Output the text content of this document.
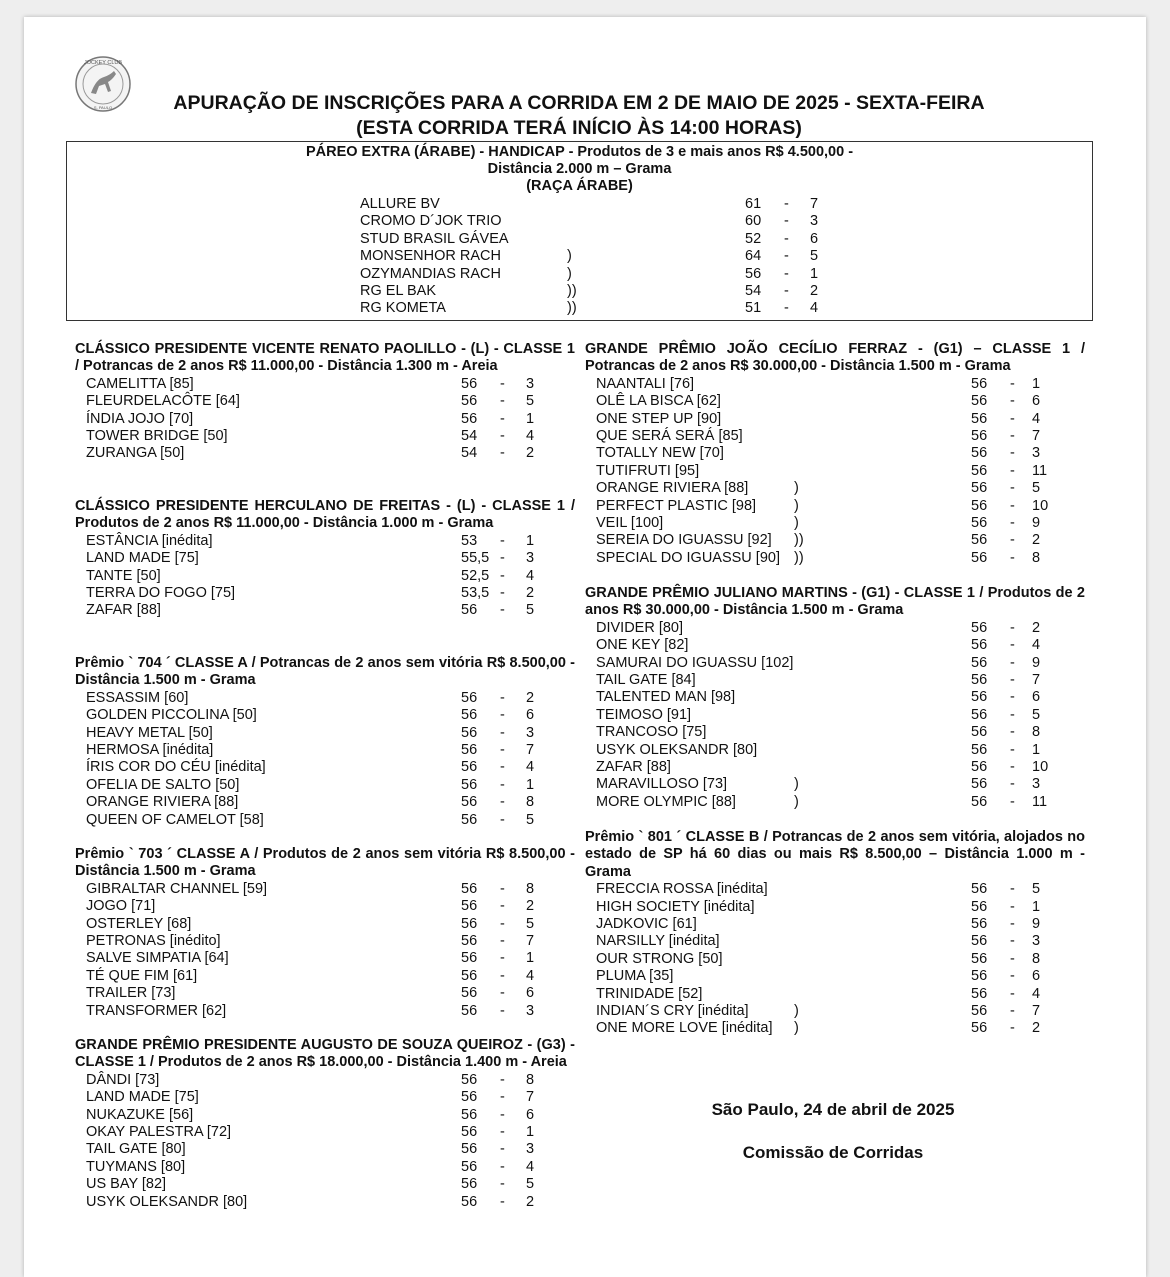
JOCKEY CLUB
S. PAULO	APURAÇÃO DE INSCRIÇÕES PARA A CORRIDA EM 2 DE MAIO DE 2025 - SEXTA-FEIRA
(ESTA CORRIDA TERÁ INÍCIO ÀS 14:00 HORAS)
PÁREO EXTRA (ÁRABE) - HANDICAP - Produtos de 3 e mais anos R$ 4.500,00 -
Distância 2.000 m – Grama
(RAÇA ÁRABE)
ALLURE BV	61 - 7
CROMO D´JOK TRIO	60 - 3
STUD BRASIL GÁVEA	52 - 6
MONSENHOR RACH	)	64 - 5
OZYMANDIAS RACH	)	56 - 1
RG EL BAK	))	54 - 2
RG KOMETA	))	51 - 4
CLÁSSICO PRESIDENTE VICENTE RENATO PAOLILLO - (L) - CLASSE 1 / Potrancas de 2 anos R$ 11.000,00 - Distância 1.300 m - Areia
CAMELITTA [85]	56 - 3
FLEURDELACÔTE [64]	56 - 5
ÍNDIA JOJO [70]	56 - 1
TOWER BRIDGE [50]	54 - 4
ZURANGA [50]	54 - 2
CLÁSSICO PRESIDENTE HERCULANO DE FREITAS - (L) - CLASSE 1 / Produtos de 2 anos R$ 11.000,00 - Distância 1.000 m - Grama
ESTÂNCIA [inédita]	53 - 1
LAND MADE [75]	55,5 - 3
TANTE [50]	52,5 - 4
TERRA DO FOGO [75]	53,5 - 2
ZAFAR [88]	56 - 5
Prêmio ` 704 ´ CLASSE A / Potrancas de 2 anos sem vitória R$ 8.500,00 - Distância 1.500 m - Grama
ESSASSIM [60]	56 - 2
GOLDEN PICCOLINA [50]	56 - 6
HEAVY METAL [50]	56 - 3
HERMOSA [inédita]	56 - 7
ÍRIS COR DO CÉU [inédita]	56 - 4
OFELIA DE SALTO [50]	56 - 1
ORANGE RIVIERA [88]	56 - 8
QUEEN OF CAMELOT [58]	56 - 5
Prêmio ` 703 ´ CLASSE A / Produtos de 2 anos sem vitória R$ 8.500,00 - Distância 1.500 m - Grama
GIBRALTAR CHANNEL [59]	56 - 8
JOGO [71]	56 - 2
OSTERLEY [68]	56 - 5
PETRONAS [inédito]	56 - 7
SALVE SIMPATIA [64]	56 - 1
TÉ QUE FIM [61]	56 - 4
TRAILER [73]	56 - 6
TRANSFORMER [62]	56 - 3
GRANDE PRÊMIO PRESIDENTE AUGUSTO DE SOUZA QUEIROZ - (G3) - CLASSE 1 / Produtos de 2 anos R$ 18.000,00 - Distância 1.400 m - Areia
DÂNDI [73]	56 - 8
LAND MADE [75]	56 - 7
NUKAZUKE [56]	56 - 6
OKAY PALESTRA [72]	56 - 1
TAIL GATE [80]	56 - 3
TUYMANS [80]	56 - 4
US BAY [82]	56 - 5
USYK OLEKSANDR [80]	56 - 2
GRANDE PRÊMIO JOÃO CECÍLIO FERRAZ - (G1) – CLASSE 1 / Potrancas de 2 anos R$ 30.000,00 - Distância 1.500 m - Grama
NAANTALI [76]	56 - 1
OLÊ LA BISCA [62]	56 - 6
ONE STEP UP [90]	56 - 4
QUE SERÁ SERÁ [85]	56 - 7
TOTALLY NEW [70]	56 - 3
TUTIFRUTI [95]	56 - 11
ORANGE RIVIERA [88]	)	56 - 5
PERFECT PLASTIC [98]	)	56 - 10
VEIL [100]	)	56 - 9
SEREIA DO IGUASSU [92] ))	56 - 2
SPECIAL DO IGUASSU [90] ))	56 - 8
GRANDE PRÊMIO JULIANO MARTINS - (G1) - CLASSE 1 / Produtos de 2 anos R$ 30.000,00 - Distância 1.500 m - Grama
DIVIDER [80]	56 - 2
ONE KEY [82]	56 - 4
SAMURAI DO IGUASSU [102]	56 - 9
TAIL GATE [84]	56 - 7
TALENTED MAN [98]	56 - 6
TEIMOSO [91]	56 - 5
TRANCOSO [75]	56 - 8
USYK OLEKSANDR [80]	56 - 1
ZAFAR [88]	56 - 10
MARAVILLOSO [73]	)	56 - 3
MORE OLYMPIC [88]	)	56 - 11
Prêmio ` 801 ´ CLASSE B / Potrancas de 2 anos sem vitória, alojados no estado de SP há 60 dias ou mais R$ 8.500,00 – Distância 1.000 m - Grama
FRECCIA ROSSA [inédita]	56 - 5
HIGH SOCIETY [inédita]	56 - 1
JADKOVIC [61]	56 - 9
NARSILLY [inédita]	56 - 3
OUR STRONG [50]	56 - 8
PLUMA [35]	56 - 6
TRINIDADE [52]	56 - 4
INDIAN´S CRY [inédita]	)	56 - 7
ONE MORE LOVE [inédita] )	56 - 2
São Paulo, 24 de abril de 2025
Comissão de Corridas
